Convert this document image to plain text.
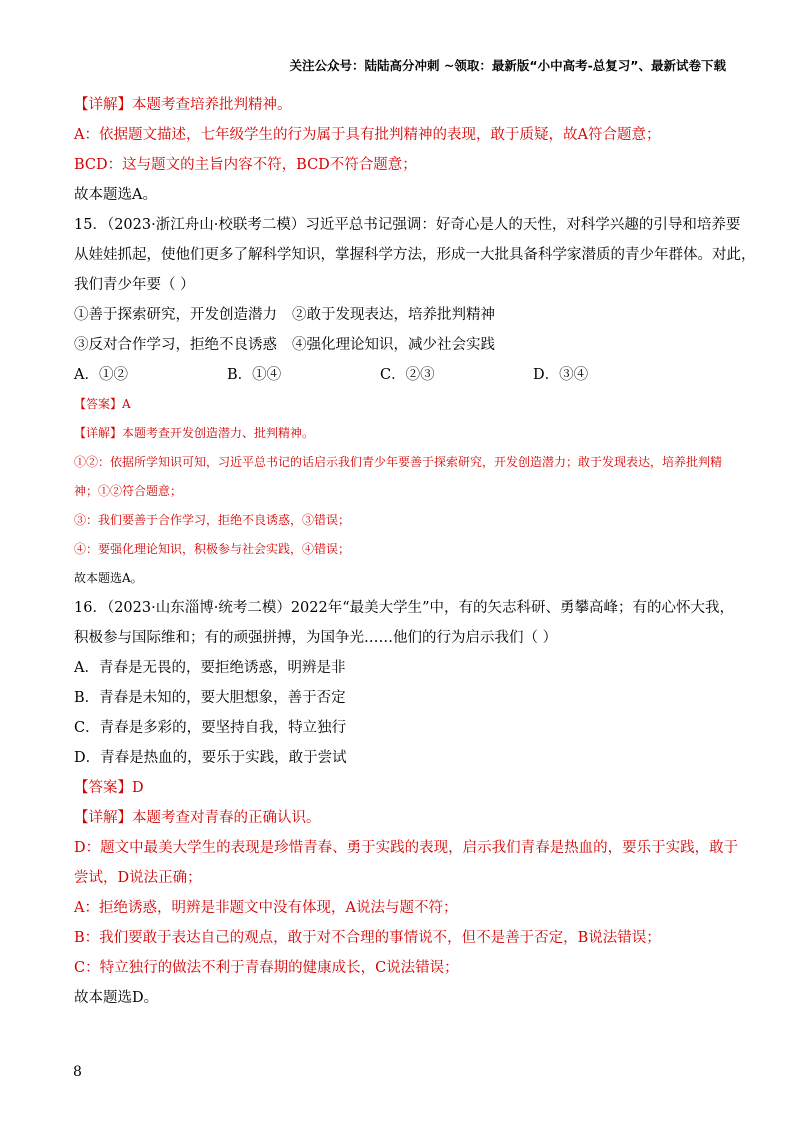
关注公众号：陆陆高分冲刺 ~领取：最新版“小中高考-总复习”、最新试卷下载
【详解】本题考查培养批判精神。
A：依据题文描述，七年级学生的行为属于具有批判精神的表现，敢于质疑，故A符合题意；
BCD：这与题文的主旨内容不符，BCD不符合题意；
故本题选A。
15．（2023·浙江舟山·校联考二模）习近平总书记强调：好奇心是人的天性，对科学兴趣的引导和培养要
从娃娃抓起，使他们更多了解科学知识，掌握科学方法，形成一大批具备科学家潜质的青少年群体。对此，
我们青少年要（ ）
①善于探索研究，开发创造潜力	②敢于发现表达，培养批判精神
③反对合作学习，拒绝不良诱惑	④强化理论知识，减少社会实践
A．①②	B．①④	C．②③	D．③④
【答案】A
【详解】本题考查开发创造潜力、批判精神。
①②：依据所学知识可知，习近平总书记的话启示我们青少年要善于探索研究，开发创造潜力；敢于发现表达，培养批判精
神；①②符合题意；
③：我们要善于合作学习，拒绝不良诱惑，③错误；
④：要强化理论知识，积极参与社会实践，④错误；
故本题选A。
16．（2023·山东淄博·统考二模）2022年“最美大学生”中，有的矢志科研、勇攀高峰；有的心怀大我，
积极参与国际维和；有的顽强拼搏，为国争光……他们的行为启示我们（ ）
A．青春是无畏的，要拒绝诱惑，明辨是非
B．青春是未知的，要大胆想象，善于否定
C．青春是多彩的，要坚持自我，特立独行
D．青春是热血的，要乐于实践，敢于尝试
【答案】D
【详解】本题考查对青春的正确认识。
D：题文中最美大学生的表现是珍惜青春、勇于实践的表现，启示我们青春是热血的，要乐于实践，敢于
尝试，D说法正确；
A：拒绝诱惑，明辨是非题文中没有体现，A说法与题不符；
B：我们要敢于表达自己的观点，敢于对不合理的事情说不，但不是善于否定，B说法错误；
C：特立独行的做法不利于青春期的健康成长，C说法错误；
故本题选D。
8
